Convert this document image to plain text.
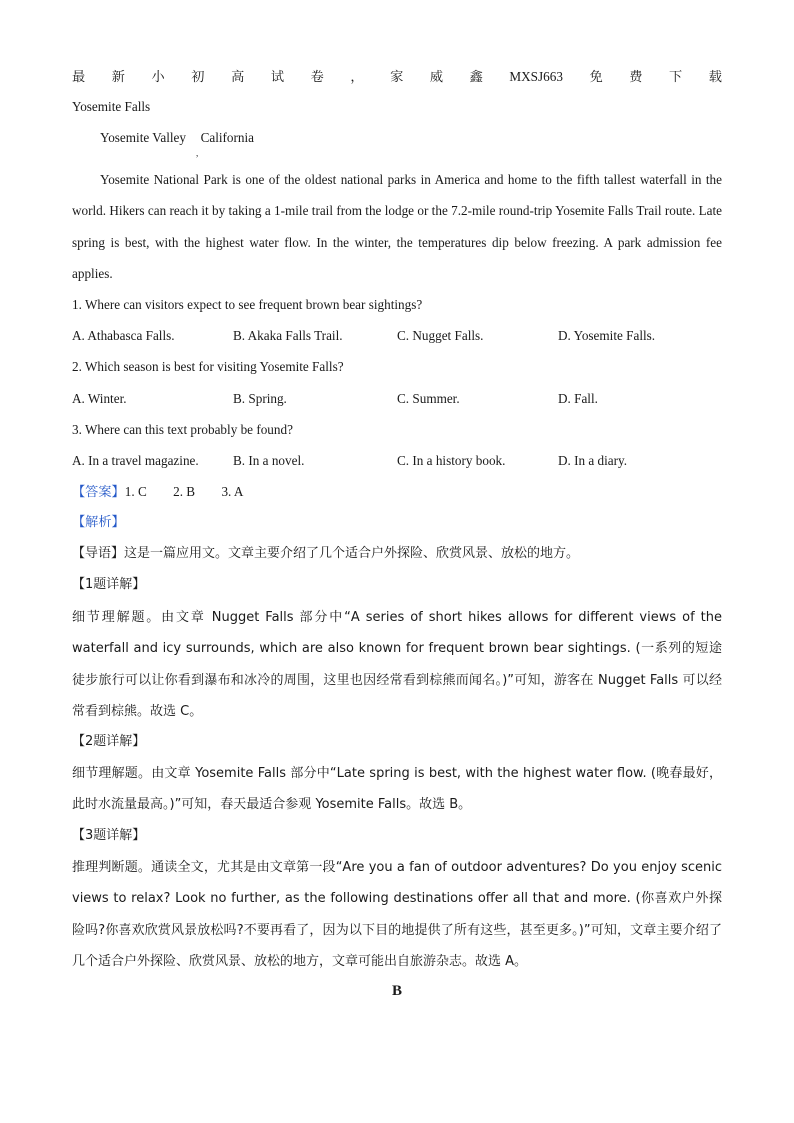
最 新 小 初 高 试 卷 ， 家 威 鑫 MXSJ663 免 费 下 载
Yosemite Falls
Yosemite Valley California
,
Yosemite National Park is one of the oldest national parks in America and home to the fifth tallest waterfall in the world. Hikers can reach it by taking a 1-mile trail from the lodge or the 7.2-mile round-trip Yosemite Falls Trail route. Late spring is best, with the highest water flow. In the winter, the temperatures dip below freezing. A park admission fee applies.
1. Where can visitors expect to see frequent brown bear sightings?
A. Athabasca Falls.	B. Akaka Falls Trail.	C. Nugget Falls.	D. Yosemite Falls.
2. Which season is best for visiting Yosemite Falls?
A. Winter.	B. Spring.	C. Summer.	D. Fall.
3. Where can this text probably be found?
A. In a travel magazine.	B. In a novel.	C. In a history book.	D. In a diary.
【答案】1. C        2. B        3. A
【解析】
【导语】这是一篇应用文。文章主要介绍了几个适合户外探险、欣赏风景、放松的地方。
【1题详解】
细节理解题。由文章 Nugget Falls 部分中“A series of short hikes allows for different views of the waterfall and icy surrounds, which are also known for frequent brown bear sightings. (一系列的短途徒步旅行可以让你看到瀑布和冰冷的周围，这里也因经常看到棕熊而闻名。)”可知，游客在 Nugget Falls 可以经常看到棕熊。故选 C。
【2题详解】
细节理解题。由文章 Yosemite Falls 部分中“Late spring is best, with the highest water flow. (晚春最好，此时水流量最高。)”可知，春天最适合参观 Yosemite Falls。故选 B。
【3题详解】
推理判断题。通读全文，尤其是由文章第一段“Are you a fan of outdoor adventures? Do you enjoy scenic views to relax? Look no further, as the following destinations offer all that and more. (你喜欢户外探险吗?你喜欢欣赏风景放松吗?不要再看了，因为以下目的地提供了所有这些，甚至更多。)”可知，文章主要介绍了几个适合户外探险、欣赏风景、放松的地方，文章可能出自旅游杂志。故选 A。
B
